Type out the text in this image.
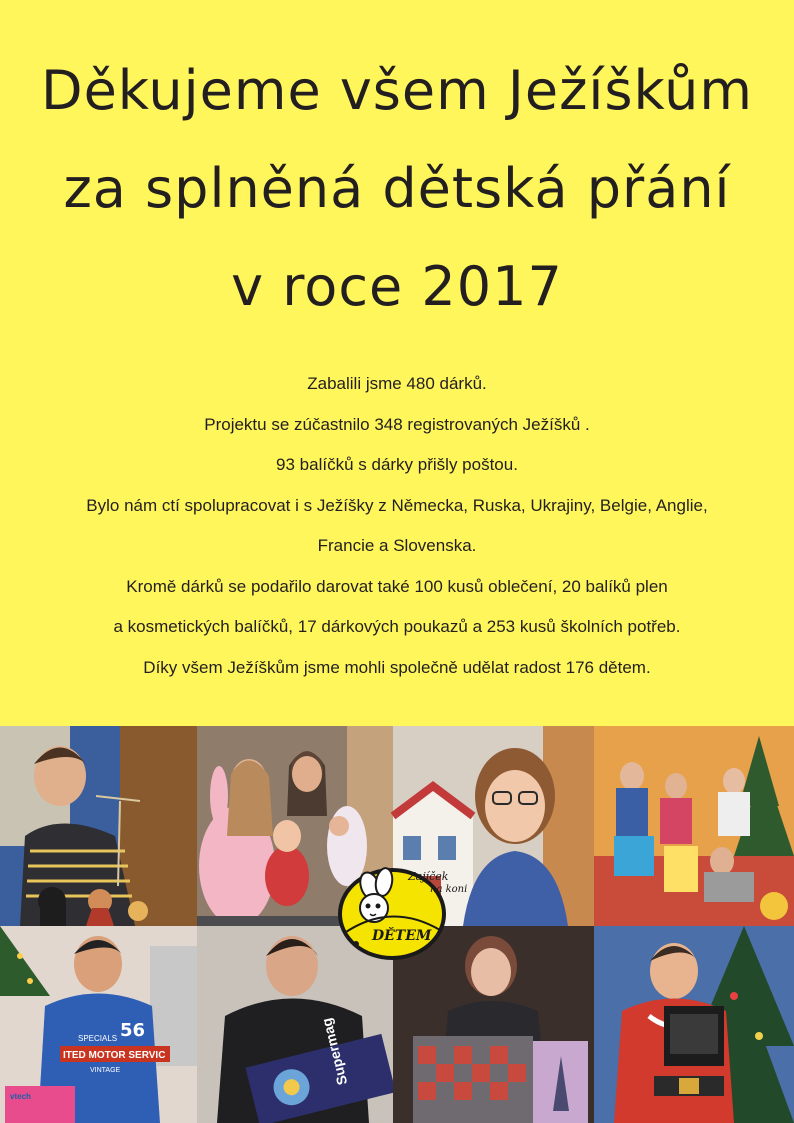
Děkujeme všem Ježíškům
za splněná dětská přání
v roce 2017
Zabalili jsme 480 dárků.
Projektu se zúčastnilo 348 registrovaných Ježíšků .
93 balíčků s dárky přišly poštou.
Bylo nám ctí spolupracovat i s Ježíšky z Německa, Ruska, Ukrajiny, Belgie, Anglie,
Francie a Slovenska.
Kromě dárků se podařilo darovat také 100 kusů oblečení, 20 balíků plen
a kosmetických balíčků, 17 dárkových poukazů a 253 kusů školních potřeb.
Díky všem Ježíškům jsme mohli společně udělat radost 176 dětem.
56
ITED MOTOR SERVIC
SPECIALS
VINTAGE
vtech
Supermag
Zajíček
na koni
DĚTEM
